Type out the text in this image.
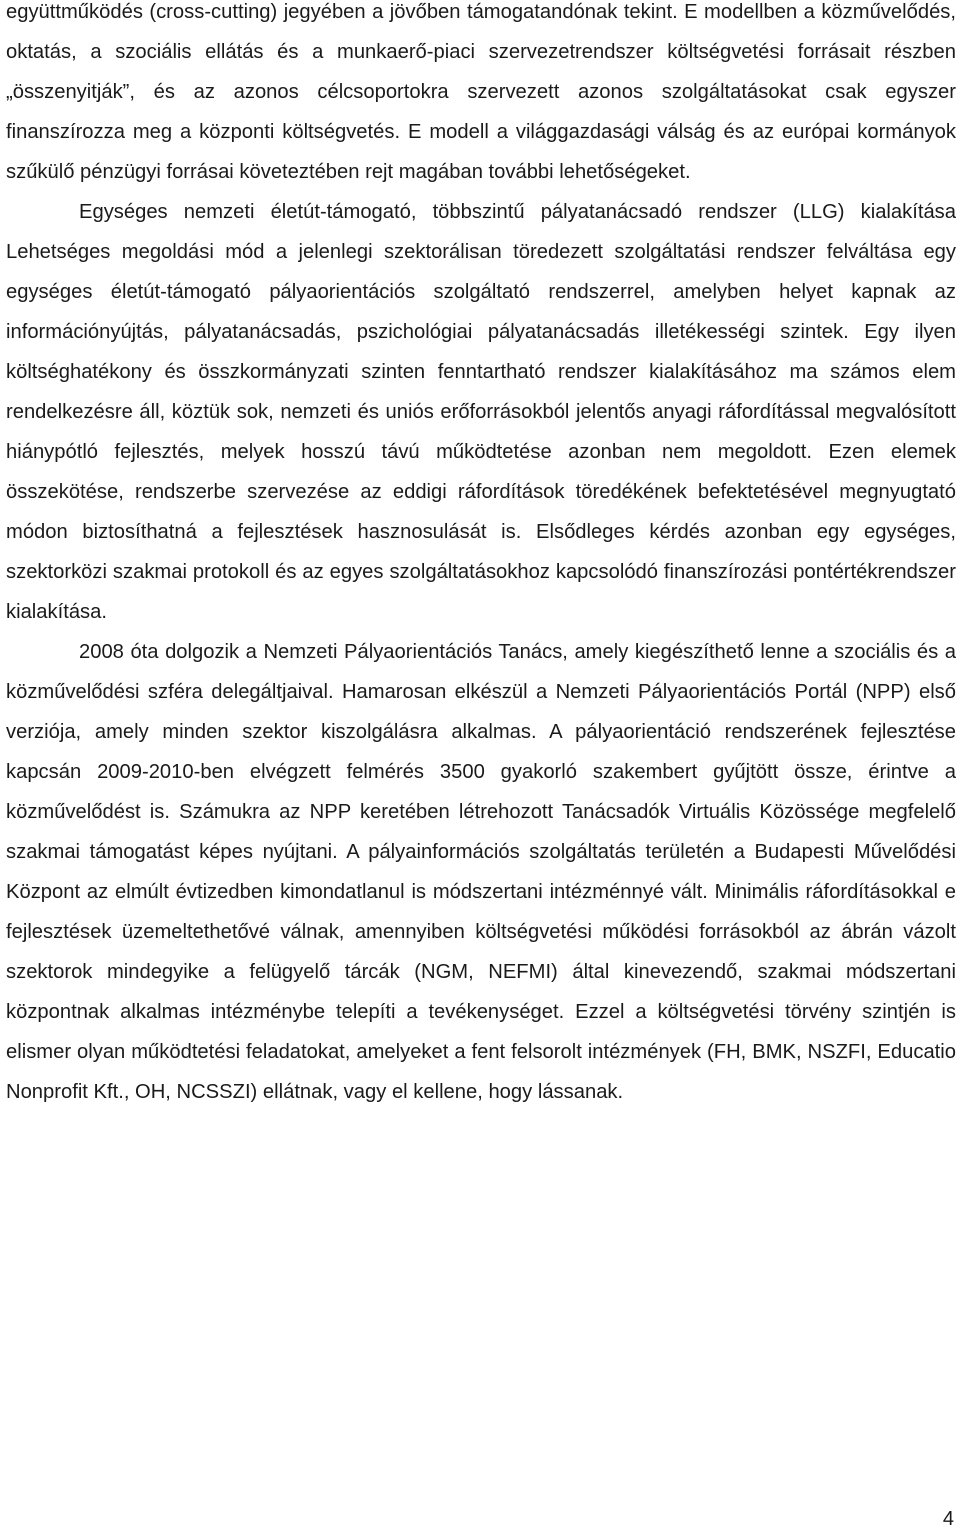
együttműködés (cross-cutting) jegyében a jövőben támogatandónak tekint. E modellben a közművelődés, oktatás, a szociális ellátás és a munkaerő-piaci szervezetrendszer költségvetési forrásait részben „összenyitják”, és az azonos célcsoportokra szervezett azonos szolgáltatásokat csak egyszer finanszírozza meg a központi költségvetés. E modell a világgazdasági válság és az európai kormányok szűkülő pénzügyi forrásai követeztében rejt magában további lehetőségeket.

Egységes nemzeti életút-támogató, többszintű pályatanácsadó rendszer (LLG) kialakítása Lehetséges megoldási mód a jelenlegi szektorálisan töredezett szolgáltatási rendszer felváltása egy egységes életút-támogató pályaorientációs szolgáltató rendszerrel, amelyben helyet kapnak az információnyújtás, pályatanácsadás, pszichológiai pályatanácsadás illetékességi szintek. Egy ilyen költséghatékony és összkormányzati szinten fenntartható rendszer kialakításához ma számos elem rendelkezésre áll, köztük sok, nemzeti és uniós erőforrásokból jelentős anyagi ráfordítással megvalósított hiánypótló fejlesztés, melyek hosszú távú működtetése azonban nem megoldott. Ezen elemek összekötése, rendszerbe szervezése az eddigi ráfordítások töredékének befektetésével megnyugtató módon biztosíthatná a fejlesztések hasznosulását is. Elsődleges kérdés azonban egy egységes, szektorközi szakmai protokoll és az egyes szolgáltatásokhoz kapcsolódó finanszírozási pontértékrendszer kialakítása.

2008 óta dolgozik a Nemzeti Pályaorientációs Tanács, amely kiegészíthető lenne a szociális és a közművelődési szféra delegáltjaival. Hamarosan elkészül a Nemzeti Pályaorientációs Portál (NPP) első verziója, amely minden szektor kiszolgálásra alkalmas. A pályaorientáció rendszerének fejlesztése kapcsán 2009-2010-ben elvégzett felmérés 3500 gyakorló szakembert gyűjtött össze, érintve a közművelődést is. Számukra az NPP keretében létrehozott Tanácsadók Virtuális Közössége megfelelő szakmai támogatást képes nyújtani. A pályainformációs szolgáltatás területén a Budapesti Művelődési Központ az elmúlt évtizedben kimondatlanul is módszertani intézménnyé vált. Minimális ráfordításokkal e fejlesztések üzemeltethetővé válnak, amennyiben költségvetési működési forrásokból az ábrán vázolt szektorok mindegyike a felügyelő tárcák (NGM, NEFMI) által kinevezendő, szakmai módszertani központnak alkalmas intézménybe telepíti a tevékenységet. Ezzel a költségvetési törvény szintjén is elismer olyan működtetési feladatokat, amelyeket a fent felsorolt intézmények (FH, BMK, NSZFI, Educatio Nonprofit Kft., OH, NCSSZI) ellátnak, vagy el kellene, hogy lássanak.

4
